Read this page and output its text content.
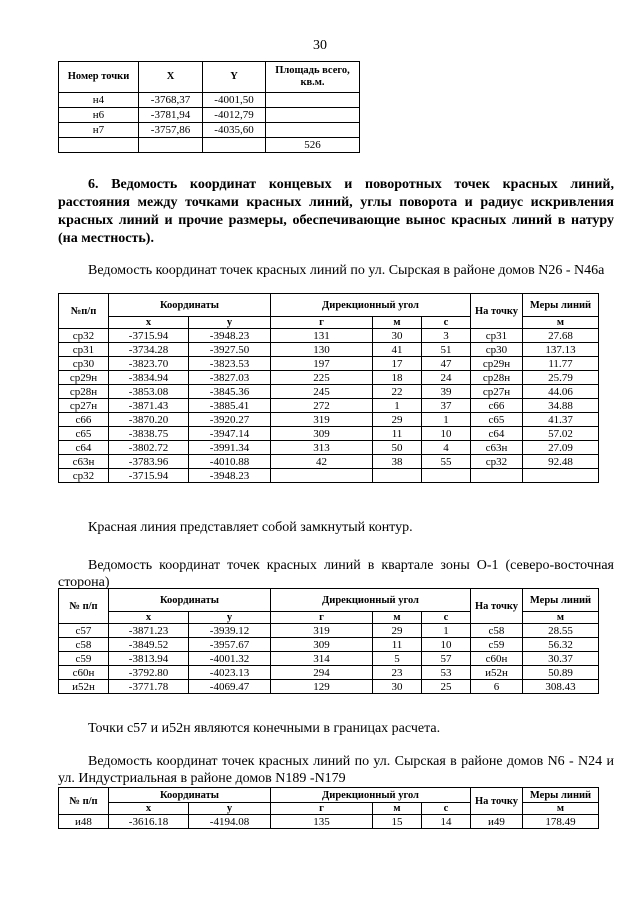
30
Номер точки	X	Y	Площадь всего, кв.м.
н4	-3768,37	-4001,50	
н6	-3781,94	-4012,79	
н7	-3757,86	-4035,60	
			526

6. Ведомость координат концевых и поворотных точек красных линий, расстояния между точками красных линий, углы поворота и радиус искривления красных линий и прочие размеры, обеспечивающие вынос красных линий в натуру (на местность).

Ведомость координат точек красных линий по ул. Сырская в районе домов N26 - N46а

№п/п	Координаты		Дирекционный угол			На точку	Меры линий
	x	y	г	м	с		м
ср32	-3715.94	-3948.23	131	30	3	ср31	27.68
ср31	-3734.28	-3927.50	130	41	51	ср30	137.13
ср30	-3823.70	-3823.53	197	17	47	ср29н	11.77
ср29н	-3834.94	-3827.03	225	18	24	ср28н	25.79
ср28н	-3853.08	-3845.36	245	22	39	ср27н	44.06
ср27н	-3871.43	-3885.41	272	1	37	с66	34.88
с66	-3870.20	-3920.27	319	29	1	с65	41.37
с65	-3838.75	-3947.14	309	11	10	с64	57.02
с64	-3802.72	-3991.34	313	50	4	с63н	27.09
с63н	-3783.96	-4010.88	42	38	55	ср32	92.48
ср32	-3715.94	-3948.23					

Красная линия представляет собой замкнутый контур.

Ведомость координат точек красных линий в квартале зоны О-1 (северо-восточная сторона)

№ п/п	Координаты		Дирекционный угол			На точку	Меры линий
	x	y	г	м	с		м
с57	-3871.23	-3939.12	319	29	1	с58	28.55
с58	-3849.52	-3957.67	309	11	10	с59	56.32
с59	-3813.94	-4001.32	314	5	57	с60н	30.37
с60н	-3792.80	-4023.13	294	23	53	и52н	50.89
и52н	-3771.78	-4069.47	129	30	25	6	308.43

Точки с57 и и52н являются конечными в границах расчета.

Ведомость координат точек красных линий по ул. Сырская в районе домов N6 - N24 и ул. Индустриальная в районе домов N189 -N179

№ п/п	Координаты		Дирекционный угол			На точку	Меры линий
	x	y	г	м	с		м
и48	-3616.18	-4194.08	135	15	14	и49	178.49
